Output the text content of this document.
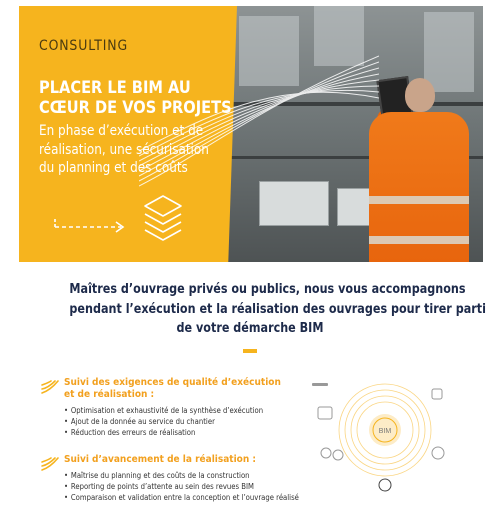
CONSULTING
PLACER LE BIM AU
CŒUR DE VOS PROJETS
En phase d’exécution et de
réalisation, une sécurisation
du planning et des coûts
Maîtres d’ouvrage privés ou publics, nous vous accompagnons
pendant l’exécution et la réalisation des ouvrages pour tirer parti
de votre démarche BIM
Suivi des exigences de qualité d’exécution
et de réalisation :
• Optimisation et exhaustivité de la synthèse d’exécution
• Ajout de la donnée au service du chantier
• Réduction des erreurs de réalisation
Suivi d’avancement de la réalisation :
• Maîtrise du planning et des coûts de la construction
• Reporting de points d’attente au sein des revues BIM
• Comparaison et validation entre la conception et l’ouvrage réalisé
BIM
